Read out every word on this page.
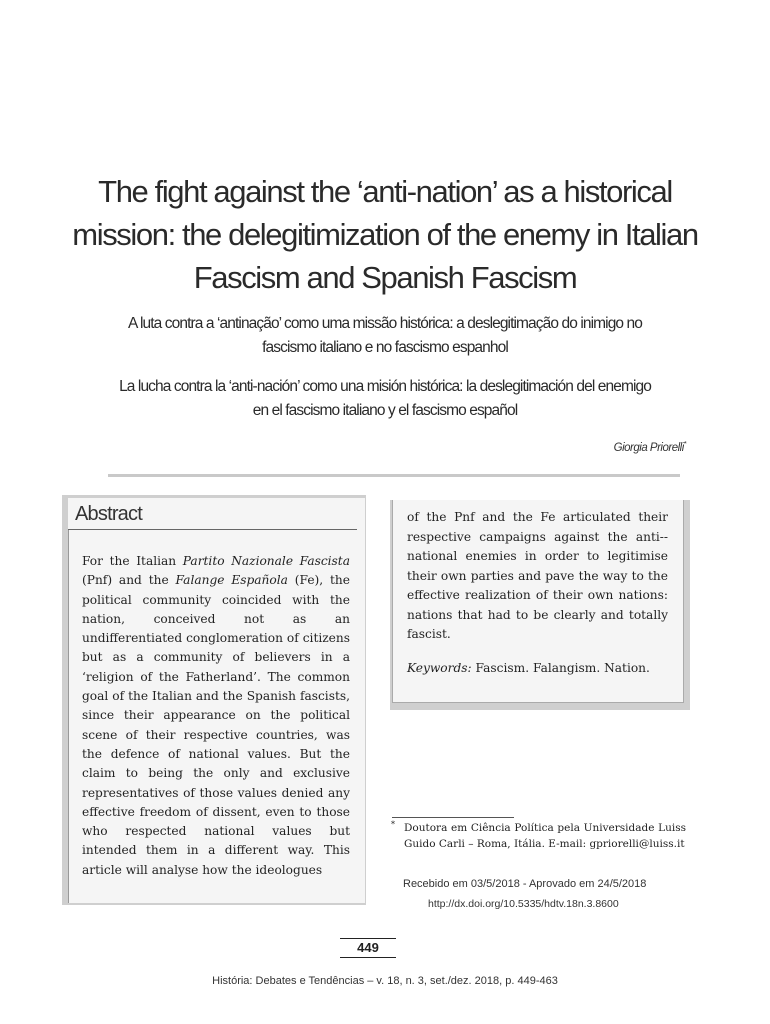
The fight against the ‘anti-nation’ as a historical
mission: the delegitimization of the enemy in Italian
Fascism and Spanish Fascism
A luta contra a ‘antinação’ como uma missão histórica: a deslegitimação do inimigo no
fascismo italiano e no fascismo espanhol
La lucha contra la ‘anti-nación’ como una misión histórica: la deslegitimación del enemigo
en el fascismo italiano y el fascismo español
Giorgia Priorelli*
Abstract

For the Italian Partito Nazionale Fascista (Pnf) and the Falange Española (Fe), the political community coincided with the nation, conceived not as an undifferentiated conglomeration of citizens but as a community of believers in a ‘religion of the Fatherland’. The common goal of the Italian and the Spanish fascists, since their appearance on the political scene of their respective countries, was the defence of national values. But the claim to being the only and exclusive representatives of those values denied any effective freedom of dissent, even to those who respected national values but intended them in a different way. This article will analyse how the ideologues

of the Pnf and the Fe articulated their respective campaigns against the anti--national enemies in order to legitimise their own parties and pave the way to the effective realization of their own nations: nations that had to be clearly and totally fascist.

Keywords: Fascism. Falangism. Nation.

* Doutora em Ciência Política pela Universidade Luiss Guido Carli – Roma, Itália. E-mail: gpriorelli@luiss.it
Recebido em 03/5/2018 - Aprovado em 24/5/2018
http://dx.doi.org/10.5335/hdtv.18n.3.8600
449
História: Debates e Tendências – v. 18, n. 3, set./dez. 2018, p. 449-463
